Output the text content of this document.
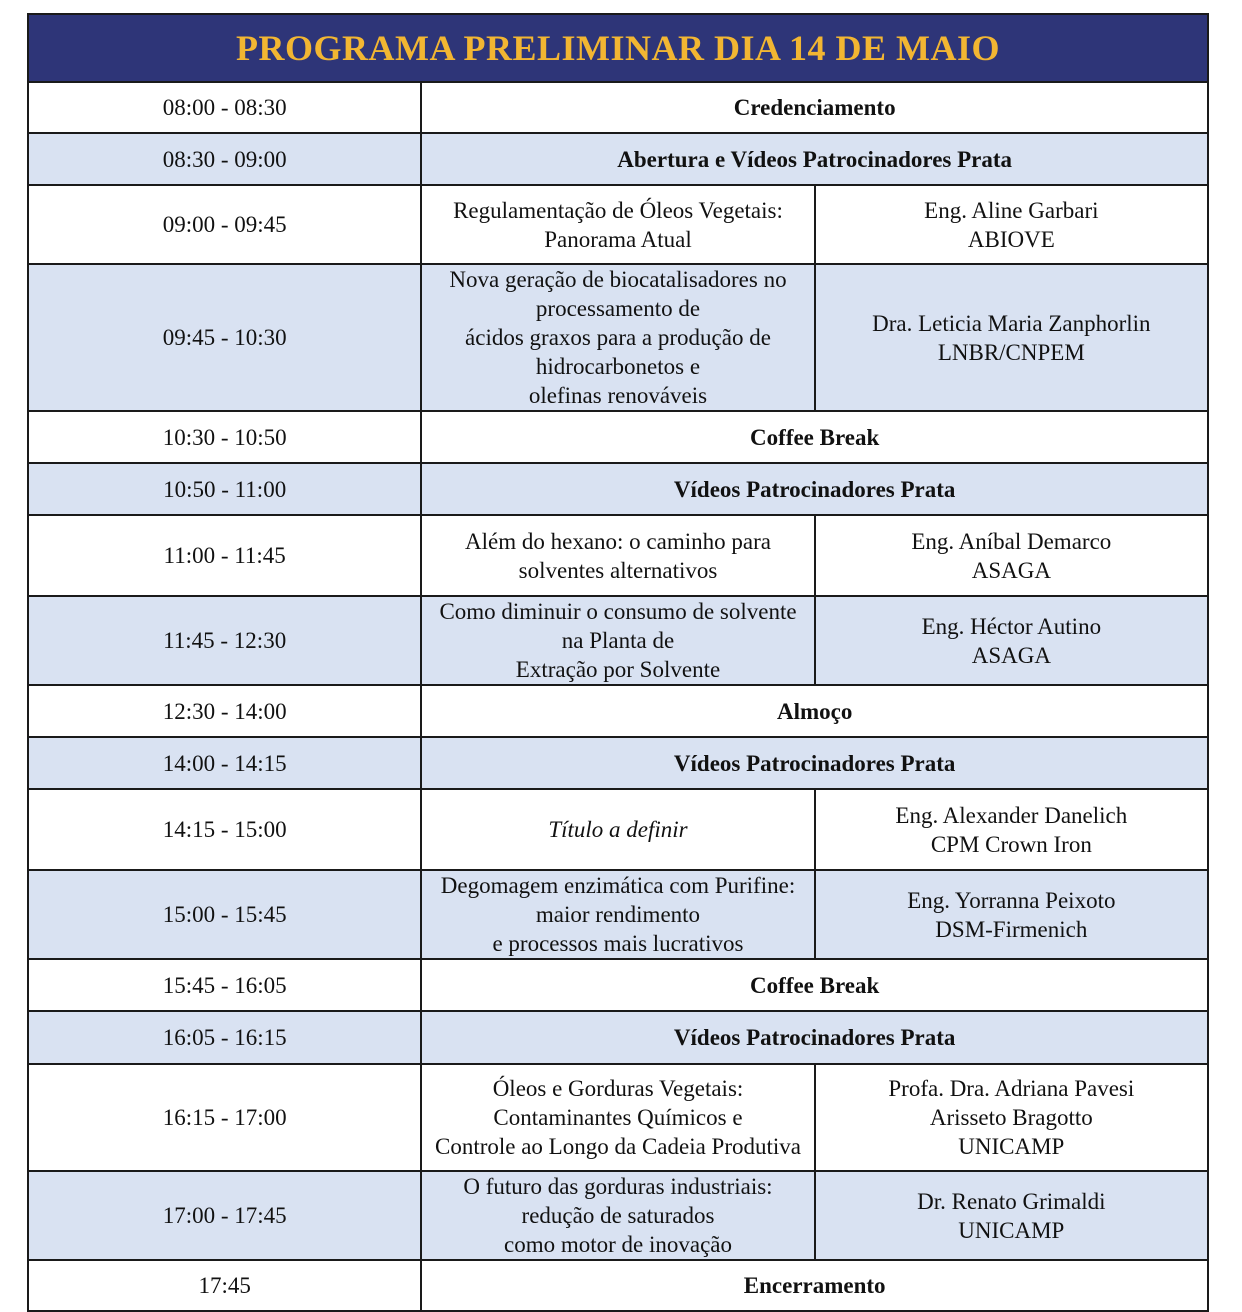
PROGRAMA PRELIMINAR DIA 14 DE MAIO		
08:00 - 08:30	Credenciamento	
08:30 - 09:00	Abertura e Vídeos Patrocinadores Prata	
09:00 - 09:45	Regulamentação de Óleos Vegetais: Panorama Atual	Eng. Aline Garbari
ABIOVE

09:45 - 10:30	Nova geração de biocatalisadores no processamento de
ácidos graxos para a produção de hidrocarbonetos e
olefinas renováveis	Dra. Leticia Maria Zanphorlin
LNBR/CNPEM

10:30 - 10:50	Coffee Break	
10:50 - 11:00	Vídeos Patrocinadores Prata	
11:00 - 11:45	Além do hexano: o caminho para solventes alternativos	Eng. Aníbal Demarco
ASAGA

11:45 - 12:30	Como diminuir o consumo de solvente na Planta de
Extração por Solvente	Eng. Héctor Autino
ASAGA

12:30 - 14:00	Almoço	
14:00 - 14:15	Vídeos Patrocinadores Prata	
14:15 - 15:00	Título a definir	Eng. Alexander Danelich
CPM Crown Iron

15:00 - 15:45	Degomagem enzimática com Purifine: maior rendimento
e processos mais lucrativos	Eng. Yorranna Peixoto
DSM-Firmenich

15:45 - 16:05	Coffee Break	
16:05 - 16:15	Vídeos Patrocinadores Prata	
16:15 - 17:00	Óleos e Gorduras Vegetais: Contaminantes Químicos e
Controle ao Longo da Cadeia Produtiva	Profa. Dra. Adriana Pavesi
Arisseto Bragotto
UNICAMP

17:00 - 17:45	O futuro das gorduras industriais: redução de saturados
como motor de inovação	Dr. Renato Grimaldi
UNICAMP

17:45	Encerramento	
